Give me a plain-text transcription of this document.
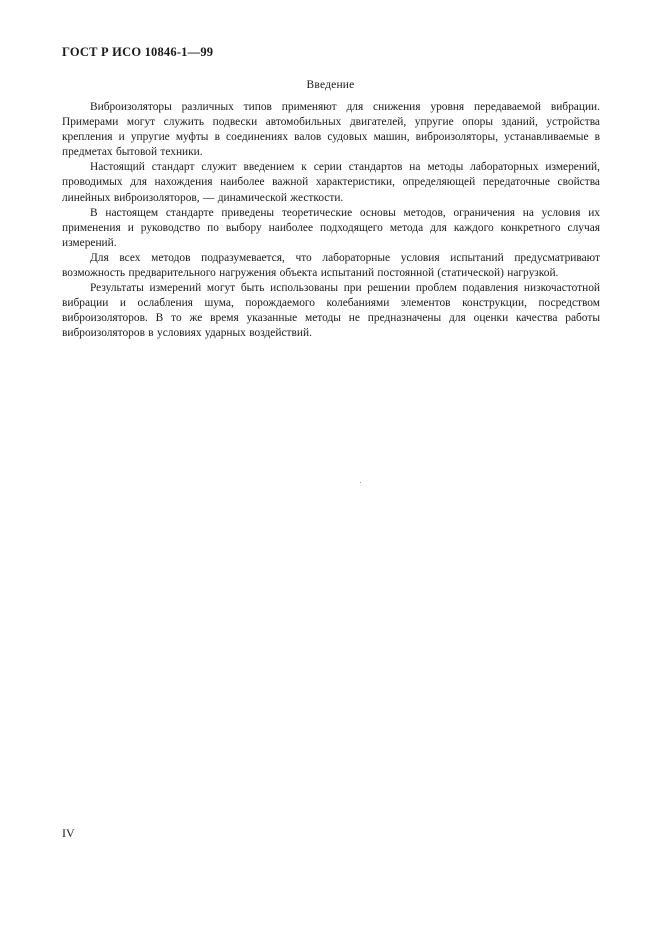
ГОСТ Р ИСО 10846-1—99
Введение

Виброизоляторы различных типов применяют для снижения уровня передаваемой вибрации. Примерами могут служить подвески автомобильных двигателей, упругие опоры зданий, устройства крепления и упругие муфты в соединениях валов судовых машин, виброизоляторы, устанавливаемые в предметах бытовой техники.

Настоящий стандарт служит введением к серии стандартов на методы лабораторных измерений, проводимых для нахождения наиболее важной характеристики, определяющей передаточные свойства линейных виброизоляторов, — динамической жесткости.

В настоящем стандарте приведены теоретические основы методов, ограничения на условия их применения и руководство по выбору наиболее подходящего метода для каждого конкретного случая измерений.

Для всех методов подразумевается, что лабораторные условия испытаний предусматривают возможность предварительного нагружения объекта испытаний постоянной (статической) нагрузкой.

Результаты измерений могут быть использованы при решении проблем подавления низкочастотной вибрации и ослабления шума, порождаемого колебаниями элементов конструкции, посредством виброизоляторов. В то же время указанные методы не предназначены для оценки качества работы виброизоляторов в условиях ударных воздействий.

IV
